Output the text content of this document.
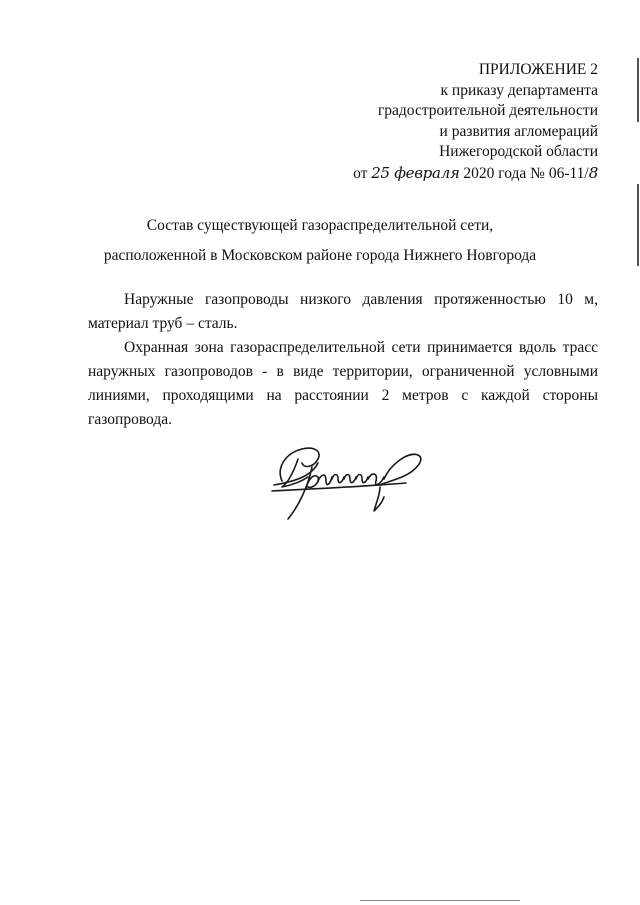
ПРИЛОЖЕНИЕ 2
к приказу департамента
градостроительной деятельности
и развития агломераций
Нижегородской области
от 25 февраля 2020 года № 06-11/8
Состав существующей газораспределительной сети,
расположенной в Московском районе города Нижнего Новгорода

Наружные газопроводы низкого давления протяженностью 10 м, материал труб – сталь.

Охранная зона газораспределительной сети принимается вдоль трасс наружных газопроводов - в виде территории, ограниченной условными линиями, проходящими на расстоянии 2 метров с каждой стороны газопровода.
